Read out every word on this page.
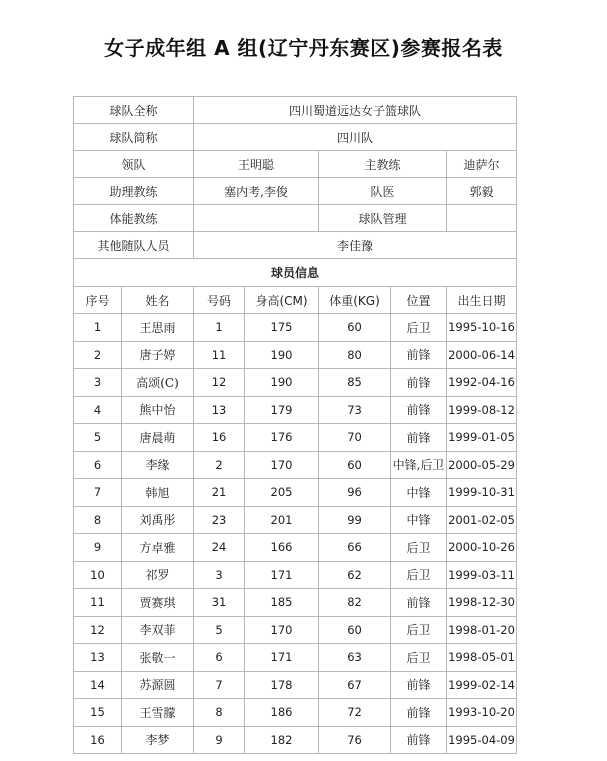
女子成年组 A 组(辽宁丹东赛区)参赛报名表
球队全称		四川蜀道远达女子篮球队				
球队简称		四川队				
领队		王明聪		主教练		迪萨尔
助理教练		塞内考,李俊		队医		郭毅
体能教练				球队管理		
其他随队人员		李佳豫				
球员信息						
序号	姓名	号码	身高(CM)	体重(KG)	位置	出生日期
1	王思雨	1	175	60	后卫	1995-10-16
2	唐子婷	11	190	80	前锋	2000-06-14
3	高颂(C)	12	190	85	前锋	1992-04-16
4	熊中怡	13	179	73	前锋	1999-08-12
5	唐晨萌	16	176	70	前锋	1999-01-05
6	李缘	2	170	60	中锋,后卫	2000-05-29
7	韩旭	21	205	96	中锋	1999-10-31
8	刘禹彤	23	201	99	中锋	2001-02-05
9	方卓雅	24	166	66	后卫	2000-10-26
10	祁罗	3	171	62	后卫	1999-03-11
11	贾赛琪	31	185	82	前锋	1998-12-30
12	李双菲	5	170	60	后卫	1998-01-20
13	张敬一	6	171	63	后卫	1998-05-01
14	苏源圆	7	178	67	前锋	1999-02-14
15	王雪朦	8	186	72	前锋	1993-10-20
16	李梦	9	182	76	前锋	1995-04-09
